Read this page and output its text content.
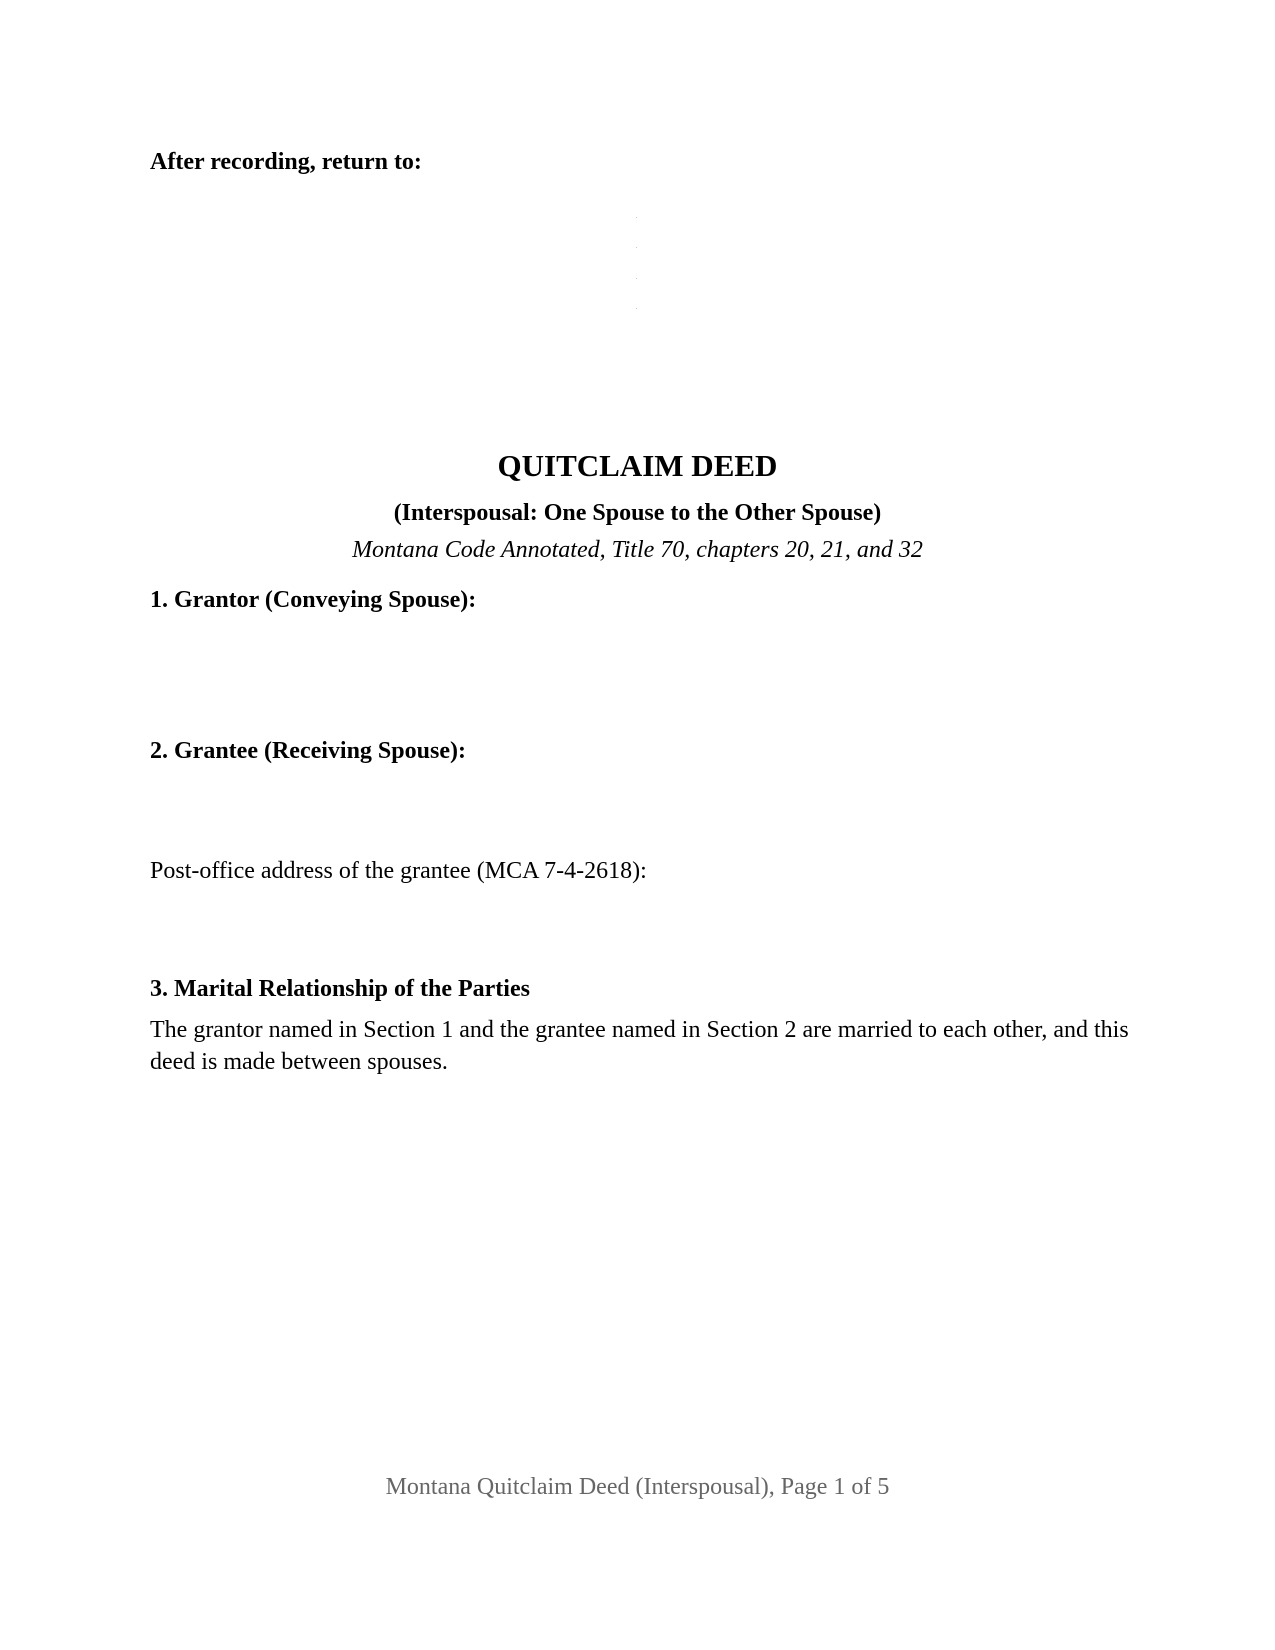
After recording, return to:

QUITCLAIM DEED

(Interspousal: One Spouse to the Other Spouse)

Montana Code Annotated, Title 70, chapters 20, 21, and 32

1. Grantor (Conveying Spouse):
2. Grantee (Receiving Spouse):

Post-office address of the grantee (MCA 7-4-2618):

3. Marital Relationship of the Parties

The grantor named in Section 1 and the grantee named in Section 2 are married to each other, and this deed is made between spouses.

Montana Quitclaim Deed (Interspousal), Page 1 of 5
